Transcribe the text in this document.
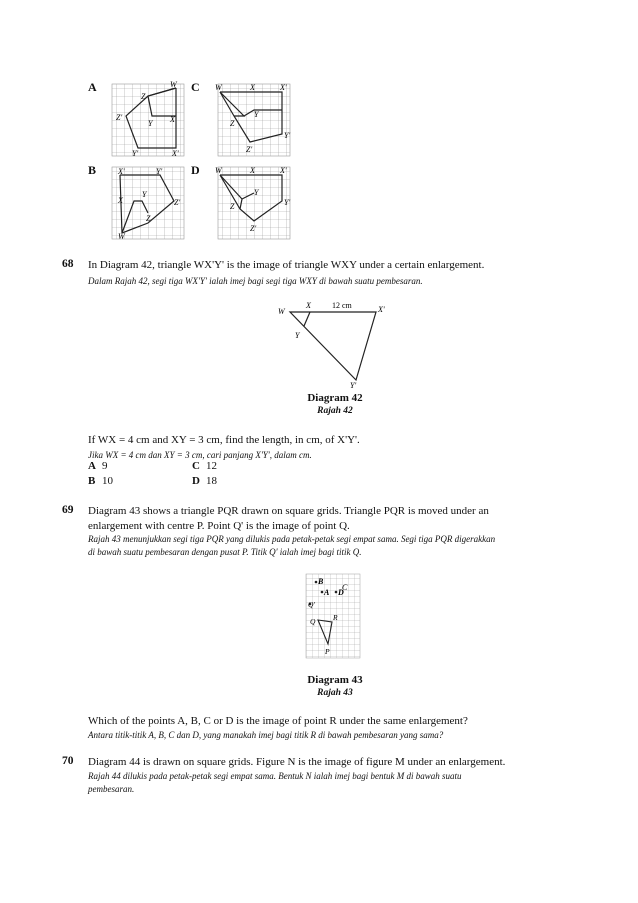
A	C
B	D
W
Z
Y X
Z'
Y'	X'
W	X	X'
Z
Y
Y'
Z'
X'	Y'
Y
X	Z'
Z
W
W	X	X'
Y
Z	Y'
Z'
68 In Diagram 42, triangle WX'Y' is the image of triangle WXY under a certain enlargement.
Dalam Rajah 42, segi tiga WX'Y' ialah imej bagi segi tiga WXY di bawah suatu pembesaran.
W
X	X'
Y
Y'
12 cm
Diagram 42
Rajah 42
If WX = 4 cm and XY = 3 cm, find the length, in cm, of X'Y'.
Jika WX = 4 cm dan XY = 3 cm, cari panjang X'Y', dalam cm.
A 9	C 12
B 10	D 18
69 Diagram 43 shows a triangle PQR drawn on square grids. Triangle PQR is moved under an
enlargement with centre P. Point Q' is the image of point Q.
Rajah 43 menunjukkan segi tiga PQR yang dilukis pada petak-petak segi empat sama. Segi tiga PQR digerakkan
di bawah suatu pembesaran dengan pusat P. Titik Q' ialah imej bagi titik Q.
B
A
C
D
Q'
Q R
P
Diagram 43
Rajah 43
Which of the points A, B, C or D is the image of point R under the same enlargement?
Antara titik-titik A, B, C dan D, yang manakah imej bagi titik R di bawah pembesaran yang sama?
70 Diagram 44 is drawn on square grids. Figure N is the image of figure M under an enlargement.
Rajah 44 dilukis pada petak-petak segi empat sama. Bentuk N ialah imej bagi bentuk M di bawah suatu
pembesaran.
